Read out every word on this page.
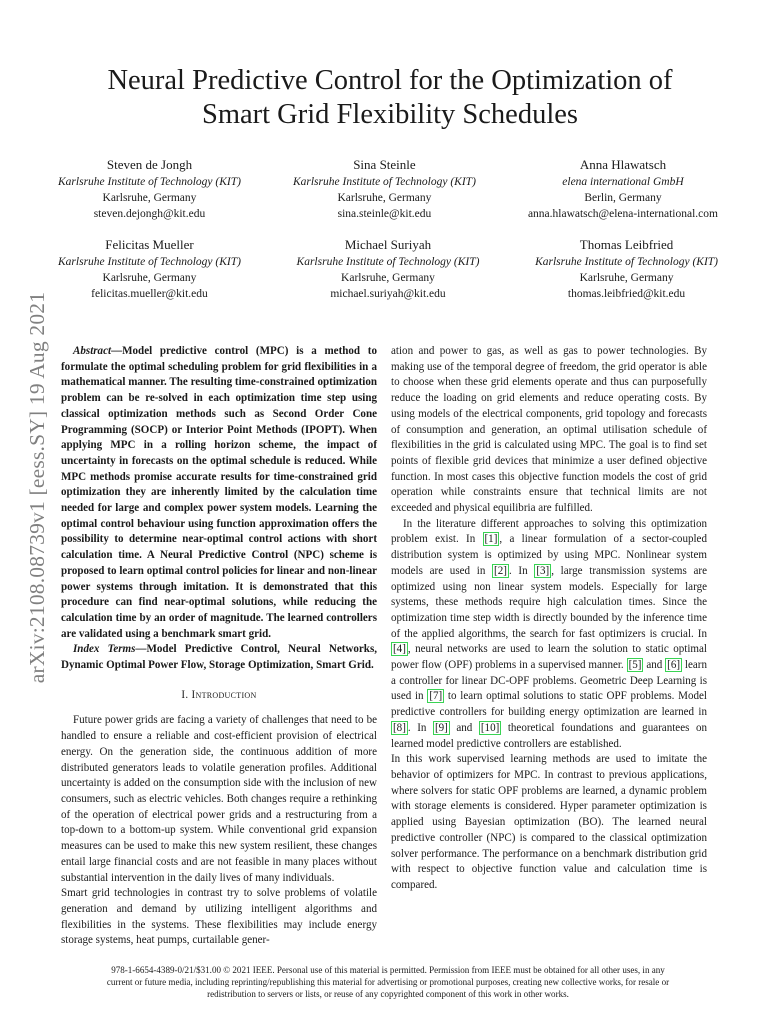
arXiv:2108.08739v1 [eess.SY] 19 Aug 2021
Neural Predictive Control for the Optimization of
Smart Grid Flexibility Schedules
Steven de Jongh
Karlsruhe Institute of Technology (KIT)
Karlsruhe, Germany
steven.dejongh@kit.edu
Sina Steinle
Karlsruhe Institute of Technology (KIT)
Karlsruhe, Germany
sina.steinle@kit.edu
Anna Hlawatsch
elena international GmbH
Berlin, Germany
anna.hlawatsch@elena-international.com
Felicitas Mueller
Karlsruhe Institute of Technology (KIT)
Karlsruhe, Germany
felicitas.mueller@kit.edu
Michael Suriyah
Karlsruhe Institute of Technology (KIT)
Karlsruhe, Germany
michael.suriyah@kit.edu
Thomas Leibfried
Karlsruhe Institute of Technology (KIT)
Karlsruhe, Germany
thomas.leibfried@kit.edu

Abstract—Model predictive control (MPC) is a method to formulate the optimal scheduling problem for grid flexibilities in a mathematical manner. The resulting time-constrained optimization problem can be re-solved in each optimization time step using classical optimization methods such as Second Order Cone Programming (SOCP) or Interior Point Methods (IPOPT). When applying MPC in a rolling horizon scheme, the impact of uncertainty in forecasts on the optimal schedule is reduced. While MPC methods promise accurate results for time-constrained grid optimization they are inherently limited by the calculation time needed for large and complex power system models. Learning the optimal control behaviour using function approximation offers the possibility to determine near-optimal control actions with short calculation time. A Neural Predictive Control (NPC) scheme is proposed to learn optimal control policies for linear and non-linear power systems through imitation. It is demonstrated that this procedure can find near-optimal solutions, while reducing the calculation time by an order of magnitude. The learned controllers are validated using a benchmark smart grid.

Index Terms—Model Predictive Control, Neural Networks, Dynamic Optimal Power Flow, Storage Optimization, Smart Grid.

I. Introduction

Future power grids are facing a variety of challenges that need to be handled to ensure a reliable and cost-efficient provision of electrical energy. On the generation side, the continuous addition of more distributed generators leads to volatile generation profiles. Additional uncertainty is added on the consumption side with the inclusion of new consumers, such as electric vehicles. Both changes require a rethinking of the operation of electrical power grids and a restructuring from a top-down to a bottom-up system. While conventional grid expansion measures can be used to make this new system resilient, these changes entail large financial costs and are not feasible in many places without substantial intervention in the daily lives of many individuals.

Smart grid technologies in contrast try to solve problems of volatile generation and demand by utilizing intelligent algorithms and flexibilities in the systems. These flexibilities may include energy storage systems, heat pumps, curtailable gener-

ation and power to gas, as well as gas to power technologies. By making use of the temporal degree of freedom, the grid operator is able to choose when these grid elements operate and thus can purposefully reduce the loading on grid elements and reduce operating costs. By using models of the electrical components, grid topology and forecasts of consumption and generation, an optimal utilisation schedule of flexibilities in the grid is calculated using MPC. The goal is to find set points of flexible grid devices that minimize a user defined objective function. In most cases this objective function models the cost of grid operation while constraints ensure that technical limits are not exceeded and physical equilibria are fulfilled.

In the literature different approaches to solving this optimization problem exist. In [1] , a linear formulation of a sector-coupled distribution system is optimized by using MPC. Nonlinear system models are used in [2] . In [3] , large transmission systems are optimized using non linear system models. Especially for large systems, these methods require high calculation times. Since the optimization time step width is directly bounded by the inference time of the applied algorithms, the search for fast optimizers is crucial. In [4] , neural networks are used to learn the solution to static optimal power flow (OPF) problems in a supervised manner. [5] and [6] learn a controller for linear DC-OPF problems. Geometric Deep Learning is used in [7] to learn optimal solutions to static OPF problems. Model predictive controllers for building energy optimization are learned in [8] . In [9] and [10] theoretical foundations and guarantees on learned model predictive controllers are established.

In this work supervised learning methods are used to imitate the behavior of optimizers for MPC. In contrast to previous applications, where solvers for static OPF problems are learned, a dynamic problem with storage elements is considered. Hyper parameter optimization is applied using Bayesian optimization (BO). The learned neural predictive controller (NPC) is compared to the classical optimization solver performance. The performance on a benchmark distribution grid with respect to objective function value and calculation time is compared.

978-1-6654-4389-0/21/$31.00 © 2021 IEEE. Personal use of this material is permitted. Permission from IEEE must be obtained for all other uses, in any
current or future media, including reprinting/republishing this material for advertising or promotional purposes, creating new collective works, for resale or
redistribution to servers or lists, or reuse of any copyrighted component of this work in other works.
